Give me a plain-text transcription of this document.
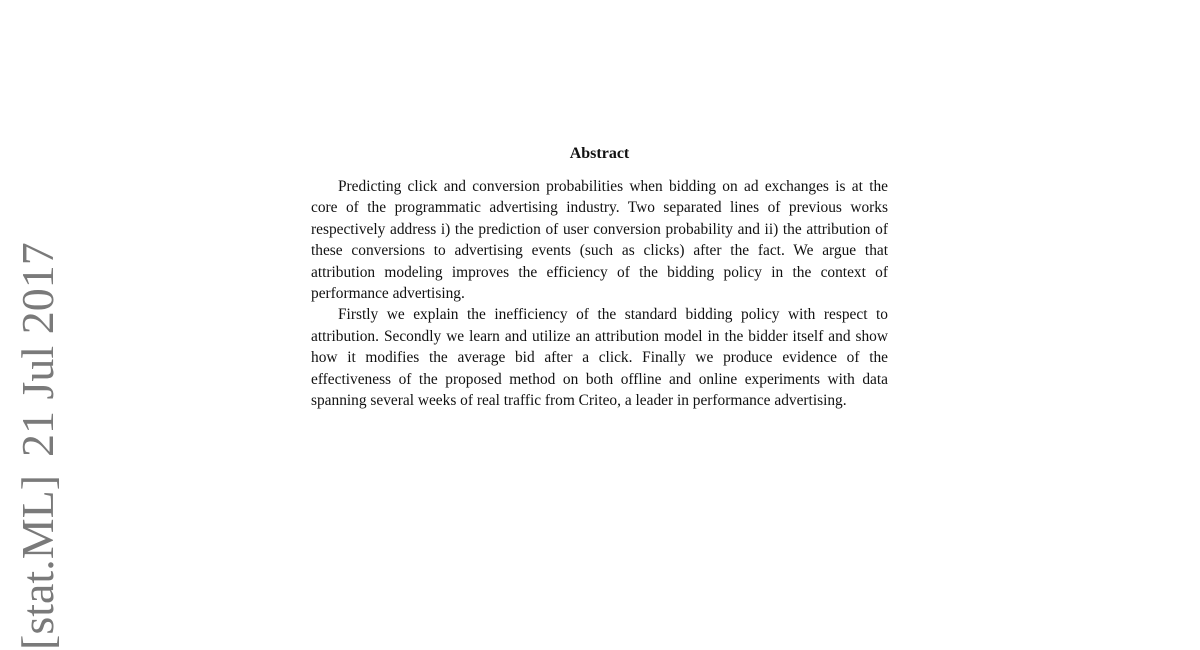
[stat.ML]21 Jul 2017
Abstract

Predicting click and conversion probabilities when bidding on ad exchanges is at the core of the programmatic advertising industry. Two separated lines of previous works respectively address i) the prediction of user conversion probability and ii) the attribution of these conversions to advertising events (such as clicks) after the fact. We argue that attribution modeling improves the efficiency of the bidding policy in the context of performance advertising.

Firstly we explain the inefficiency of the standard bidding policy with respect to attribution. Secondly we learn and utilize an attribution model in the bidder itself and show how it modifies the average bid after a click. Finally we produce evidence of the effectiveness of the proposed method on both offline and online experiments with data spanning several weeks of real traffic from Criteo, a leader in performance advertising.
